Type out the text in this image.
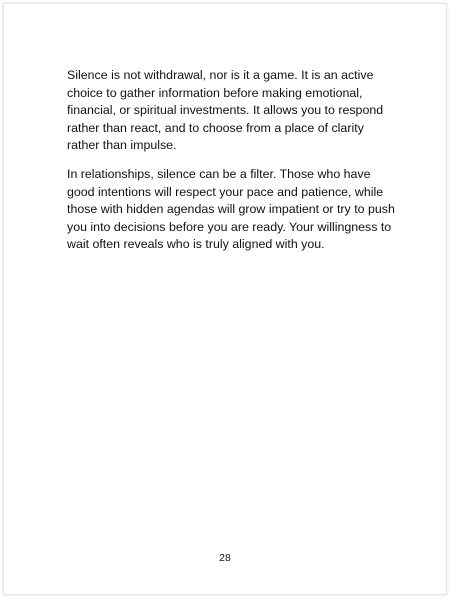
Silence is not withdrawal, nor is it a game. It is an active choice to gather information before making emotional, financial, or spiritual investments. It allows you to respond rather than react, and to choose from a place of clarity rather than impulse.

In relationships, silence can be a filter. Those who have good intentions will respect your pace and patience, while those with hidden agendas will grow impatient or try to push you into decisions before you are ready. Your willingness to wait often reveals who is truly aligned with you.

28
